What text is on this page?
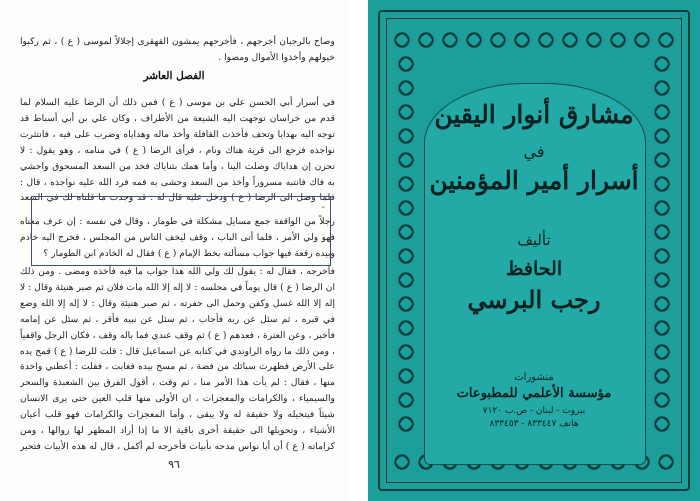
وصاح بالرجبان أخرجهم ، فأخرجهم يمشون القهقرى إجلالاً لموسى ( ع ) ، ثم ركبوا خيولهم وأخذوا الأموال ومضوا .

الفصل العاشر

في أسرار أبي الحسن علي بن موسى ( ع ) فمن ذلك أن الرضا عليه السلام لما قدم من خراسان توجهت اليه الشيعة من الأطراف ، وكان علي بن أبي أسباط قد توجه اليه بهدايا وتحف فأخذت القافلة وأخذ ماله وهداياه وضرب على فيه ، فانتثرت نواجذه فرجع الى قرية هناك ونام ، فرأى الرضا ( ع ) في منامه ، وهو يقول : لا تحزن إن هداياك وصلت الينا ، وأما همك بثناياك فخذ من السعد المسحوق واحشي به فاك فانتبه مسروراً وأخذ من السعد وحشى به فمه فرد الله عليه نواجذه ، قال : فلما وصل الى الرضا ( ع ) ودخل عليه قال له : قد وجدت ما قلناه لك في السعد

رجلاً من الواقفة جمع مسايل مشكلة في طومار ، وقال في نفسه : إن عرف معناه فهو ولي الأمر ، فلما أتى الباب ، وقف ليخف الناس من المجلس ، فخرج اليه خادم وبيده رقعة فيها جواب مسألته بخط الإمام ( ع ) فقال له الخادم ابن الطومار ؟

فأخرجه ، فقال له : يقول لك ولي الله هذا جواب ما فيه فأخذه ومضى . ومن ذلك ان الرضا ( ع ) قال يوماً في مجلسه : لا إله إلا الله مات فلان ثم صبر هنيئة وقال : لا إله إلا الله غسل وكفن وحمل الى حفرته ، ثم صبر هنيئة وقال : لا إله إلا الله وضع في قبره ، ثم سئل عن ربه فأجاب ، ثم سئل عن نبيه فأقر ، ثم سئل عن إمامه فأخبر ، وعن العترة ، فعدهم ( ع ) ثم وقف عندي فما باله وقف ، فكان الرجل واقفياً ، ومن ذلك ما رواه الراوندي في كتابه عن اسماعيل قال : قلت للرضا ( ع ) قمح يده على الأرض فظهرت سبائك من فضة ، ثم مسح بيده فغابت ، فقلت : أعطني واحدة منها ، فقال : لم يأت هذا الأمر منا ، ثم وقت ، أقول الفرق بين الشعبذة والسحر والسيمياء ، والكرامات والمعجزات ، ان الأولى منها قلب العين حتى يرى الانسان شيئاً فيتخيله ولا حقيقة له ولا يبقى ، وأما المعجزات والكرامات فهو قلب أعيان الأشياء ، وتحويلها الى حقيقة أخرى باقية الا ما إذا أراد المظهر لها زوالها ، ومن كراماته ( ع ) أن أبا نواس مدحه بأبيات فأخرجه لم أكمل ، قال له هذه الأبيات فتحير

٩٦
مشارق أنوار اليقين
في
أسرار أمير المؤمنين
تأليف
الحافظ
رجب البرسي
منشورات
مؤسسة الأعلمي للمطبوعات
بيروت - لبنان - ص.ب ٧١٢٠
هاتف ٨٣٣٤٤٧ - ٨٣٣٤٥٣
